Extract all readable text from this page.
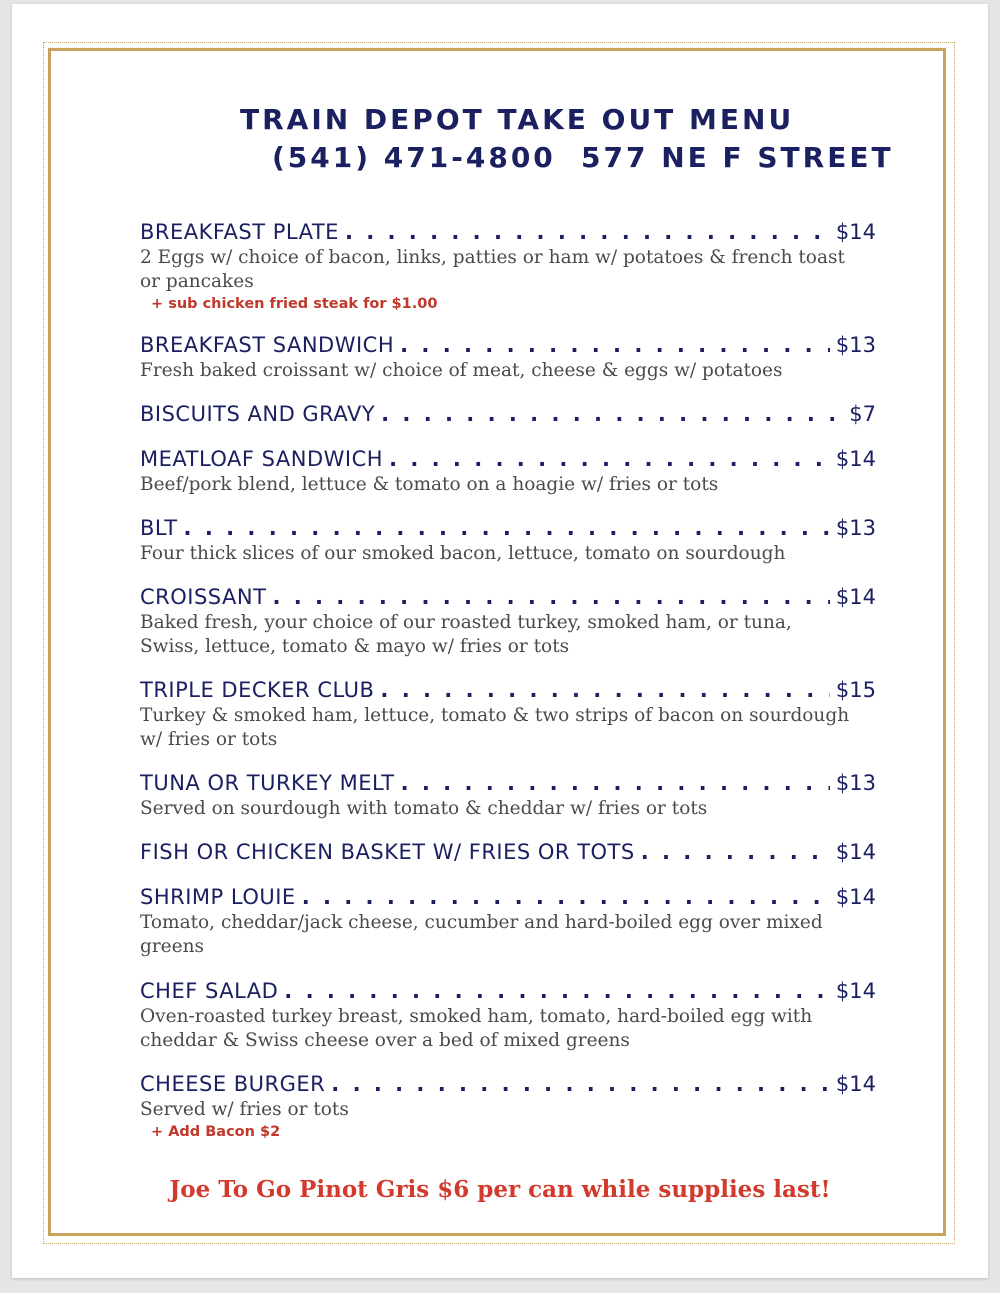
TRAIN DEPOT TAKE OUT MENU
(541) 471-4800 577 NE F STREET
BREAKFAST PLATE . . .	$14
2 Eggs w/ choice of bacon, links, patties or ham w/ potatoes & french toast or pancakes
+ sub chicken fried steak for $1.00
BREAKFAST SANDWICH . . .	$13
Fresh baked croissant w/ choice of meat, cheese & eggs w/ potatoes
BISCUITS AND GRAVY . . .	$7
MEATLOAF SANDWICH . . .	$14
Beef/pork blend, lettuce & tomato on a hoagie w/ fries or tots
BLT . . .	$13
Four thick slices of our smoked bacon, lettuce, tomato on sourdough
CROISSANT . . .	$14
Baked fresh, your choice of our roasted turkey, smoked ham, or tuna, Swiss, lettuce, tomato & mayo w/ fries or tots
TRIPLE DECKER CLUB . . .	$15
Turkey & smoked ham, lettuce, tomato & two strips of bacon on sourdough w/ fries or tots
TUNA OR TURKEY MELT . . .	$13
Served on sourdough with tomato & cheddar w/ fries or tots
FISH OR CHICKEN BASKET W/ FRIES OR TOTS . . .	$14
SHRIMP LOUIE . . .	$14
Tomato, cheddar/jack cheese, cucumber and hard-boiled egg over mixed greens
CHEF SALAD . . .	$14
Oven-roasted turkey breast, smoked ham, tomato, hard-boiled egg with cheddar & Swiss cheese over a bed of mixed greens
CHEESE BURGER . . .	$14
Served w/ fries or tots
+ Add Bacon $2
Joe To Go Pinot Gris $6 per can while supplies last!
